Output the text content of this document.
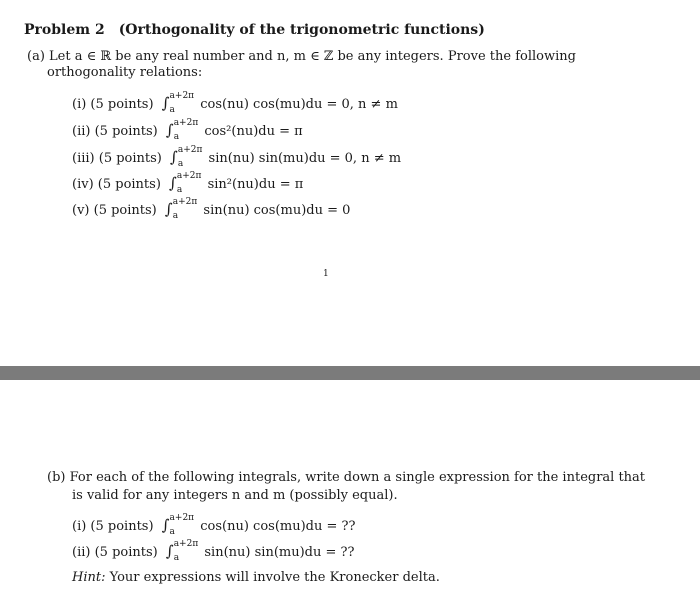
Problem 2 (Orthogonality of the trigonometric functions)
(a) Let a ∈ ℝ be any real number and n, m ∈ ℤ be any integers. Prove the following
orthogonality relations:
(i) (5 points) ∫ a+2π
a	cos(nu) cos(mu)du = 0, n ≠ m
(ii) (5 points) ∫ a+2π
a	cos²(nu)du = π
(iii) (5 points) ∫ a+2π
a	sin(nu) sin(mu)du = 0, n ≠ m
(iv) (5 points) ∫ a+2π
a	sin²(nu)du = π
(v) (5 points) ∫ a+2π
a	sin(nu) cos(mu)du = 0
1
(b) For each of the following integrals, write down a single expression for the integral that
is valid for any integers n and m (possibly equal).
(i) (5 points) ∫ a+2π
a	cos(nu) cos(mu)du = ??
(ii) (5 points) ∫ a+2π
a	sin(nu) sin(mu)du = ??
Hint: Your expressions will involve the Kronecker delta.
